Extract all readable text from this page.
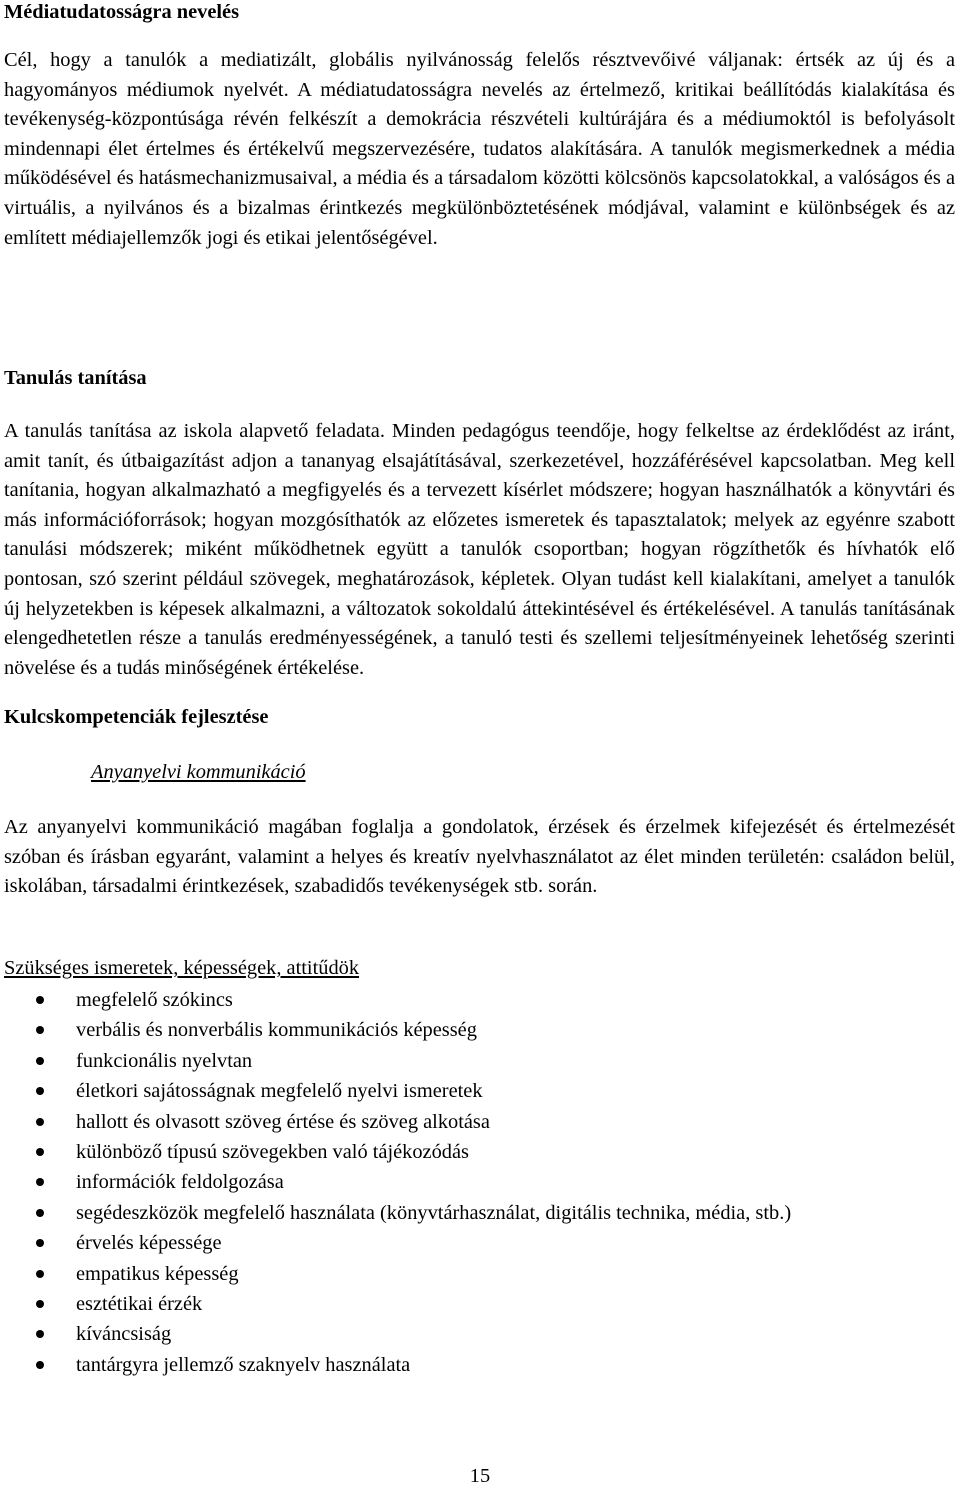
Médiatudatosságra nevelés

Cél, hogy a tanulók a mediatizált, globális nyilvánosság felelős résztvevőivé váljanak: értsék az új és a hagyományos médiumok nyelvét. A médiatudatosságra nevelés az értelmező, kritikai beállítódás kialakítása és tevékenység-központúsága révén felkészít a demokrácia részvételi kultúrájára és a médiumoktól is befolyásolt mindennapi élet értelmes és értékelvű megszervezésére, tudatos alakítására. A tanulók megismerkednek a média működésével és hatásmechanizmusaival, a média és a társadalom közötti kölcsönös kapcsolatokkal, a valóságos és a virtuális, a nyilvános és a bizalmas érintkezés megkülönböztetésének módjával, valamint e különbségek és az említett médiajellemzők jogi és etikai jelentőségével.

Tanulás tanítása

A tanulás tanítása az iskola alapvető feladata. Minden pedagógus teendője, hogy felkeltse az érdeklődést az iránt, amit tanít, és útbaigazítást adjon a tananyag elsajátításával, szerkezetével, hozzáférésével kapcsolatban. Meg kell tanítania, hogyan alkalmazható a megfigyelés és a tervezett kísérlet módszere; hogyan használhatók a könyvtári és más információforrások; hogyan mozgósíthatók az előzetes ismeretek és tapasztalatok; melyek az egyénre szabott tanulási módszerek; miként működhetnek együtt a tanulók csoportban; hogyan rögzíthetők és hívhatók elő pontosan, szó szerint például szövegek, meghatározások, képletek. Olyan tudást kell kialakítani, amelyet a tanulók új helyzetekben is képesek alkalmazni, a változatok sokoldalú áttekintésével és értékelésével. A tanulás tanításának elengedhetetlen része a tanulás eredményességének, a tanuló testi és szellemi teljesítményeinek lehetőség szerinti növelése és a tudás minőségének értékelése.

Kulcskompetenciák fejlesztése
Anyanyelvi kommunikáció

Az anyanyelvi kommunikáció magában foglalja a gondolatok, érzések és érzelmek kifejezését és értelmezését szóban és írásban egyaránt, valamint a helyes és kreatív nyelvhasználatot az élet minden területén: családon belül, iskolában, társadalmi érintkezések, szabadidős tevékenységek stb. során.

Szükséges ismeretek, képességek, attitűdök

megfelelő szókincs
verbális és nonverbális kommunikációs képesség
funkcionális nyelvtan
életkori sajátosságnak megfelelő nyelvi ismeretek
hallott és olvasott szöveg értése és szöveg alkotása
különböző típusú szövegekben való tájékozódás
információk feldolgozása
segédeszközök megfelelő használata (könyvtárhasználat, digitális technika, média, stb.)
érvelés képessége
empatikus képesség
esztétikai érzék
kíváncsiság
tantárgyra jellemző szaknyelv használata

15
